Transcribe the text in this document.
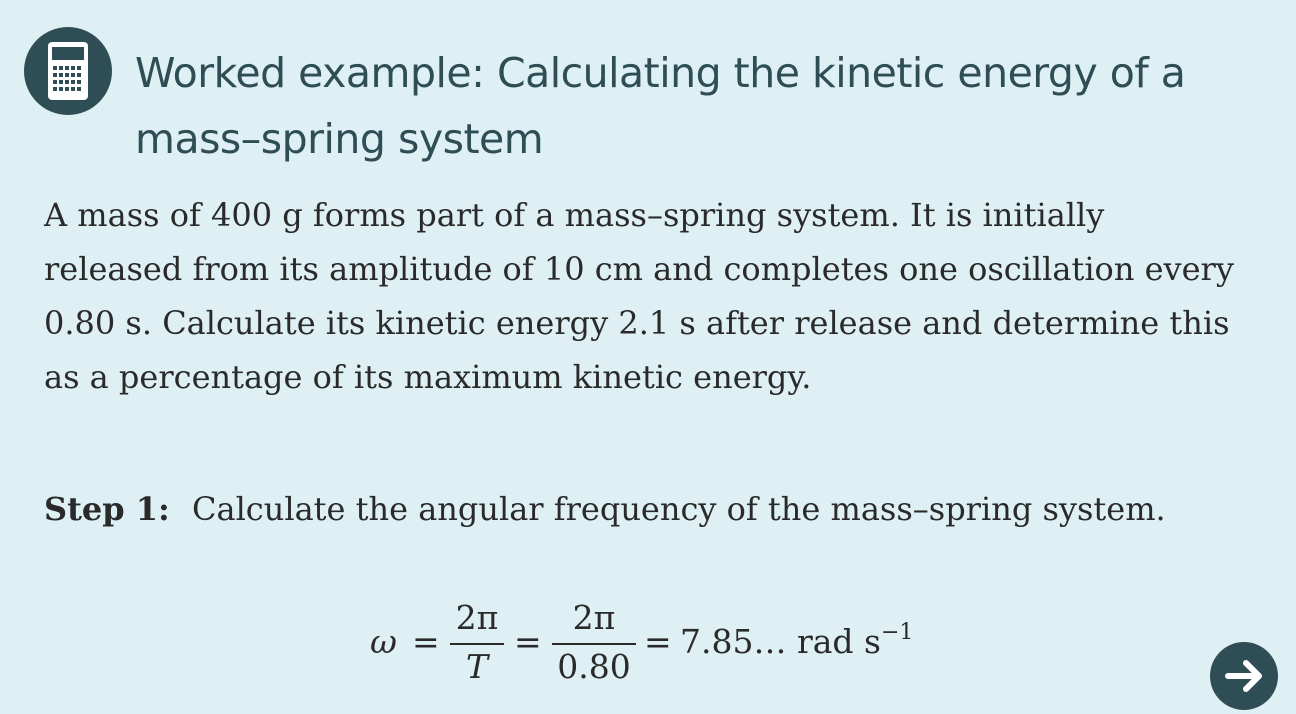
Worked example: Calculating the kinetic energy of a mass–spring system

A mass of 400 g forms part of a mass–spring system. It is initially released from its amplitude of 10 cm and completes one oscillation every 0.80 s. Calculate its kinetic energy 2.1 s after release and determine this as a percentage of its maximum kinetic energy.

Step 1: Calculate the angular frequency of the mass–spring system.
ω =
2π
T
=
2π
0.80
= 7.85… rad $s^{-1}$
